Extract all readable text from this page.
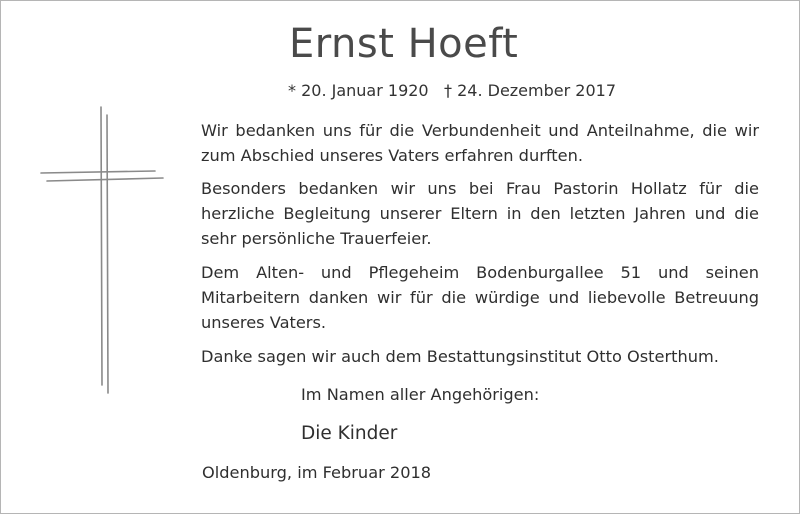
Ernst Hoeft
* 20. Januar 1920 † 24. Dezember 2017
Wir bedanken uns für die Verbundenheit und Anteilnahme, die wir zum Abschied unseres Vaters erfahren durften.
Besonders bedanken wir uns bei Frau Pastorin Hollatz für die herzliche Begleitung unserer Eltern in den letzten Jahren und die sehr persönliche Trauerfeier.
Dem Alten- und Pflegeheim Bodenburgallee 51 und seinen Mitarbeitern danken wir für die würdige und liebevolle Betreuung unseres Vaters.
Danke sagen wir auch dem Bestattungsinstitut Otto Osterthum.
Im Namen aller Angehörigen:
Die Kinder
Oldenburg, im Februar 2018
